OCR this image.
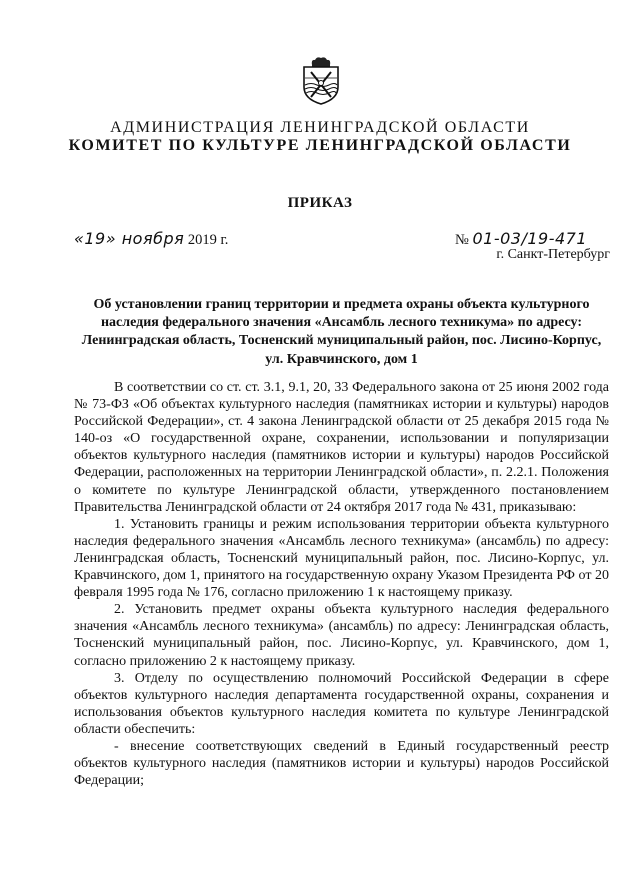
АДМИНИСТРАЦИЯ ЛЕНИНГРАДСКОЙ ОБЛАСТИ
КОМИТЕТ ПО КУЛЬТУРЕ ЛЕНИНГРАДСКОЙ ОБЛАСТИ
ПРИКАЗ
«19» ноября 2019 г.	№ 01-03/19-471
г. Санкт-Петербург
Об установлении границ территории и предмета охраны объекта культурного наследия федерального значения «Ансамбль лесного техникума» по адресу: Ленинградская область, Тосненский муниципальный район, пос. Лисино-Корпус, ул. Кравчинского, дом 1

В соответствии со ст. ст. 3.1, 9.1, 20, 33 Федерального закона от 25 июня 2002 года № 73-ФЗ «Об объектах культурного наследия (памятниках истории и культуры) народов Российской Федерации», ст. 4 закона Ленинградской области от 25 декабря 2015 года № 140-оз «О государственной охране, сохранении, использовании и популяризации объектов культурного наследия (памятников истории и культуры) народов Российской Федерации, расположенных на территории Ленинградской области», п. 2.2.1. Положения о комитете по культуре Ленинградской области, утвержденного постановлением Правительства Ленинградской области от 24 октября 2017 года № 431, приказываю:

1. Установить границы и режим использования территории объекта культурного наследия федерального значения «Ансамбль лесного техникума» (ансамбль) по адресу: Ленинградская область, Тосненский муниципальный район, пос. Лисино-Корпус, ул. Кравчинского, дом 1, принятого на государственную охрану Указом Президента РФ от 20 февраля 1995 года № 176, согласно приложению 1 к настоящему приказу.

2. Установить предмет охраны объекта культурного наследия федерального значения «Ансамбль лесного техникума» (ансамбль) по адресу: Ленинградская область, Тосненский муниципальный район, пос. Лисино-Корпус, ул. Кравчинского, дом 1, согласно приложению 2 к настоящему приказу.

3. Отделу по осуществлению полномочий Российской Федерации в сфере объектов культурного наследия департамента государственной охраны, сохранения и использования объектов культурного наследия комитета по культуре Ленинградской области обеспечить:

- внесение соответствующих сведений в Единый государственный реестр объектов культурного наследия (памятников истории и культуры) народов Российской Федерации;
